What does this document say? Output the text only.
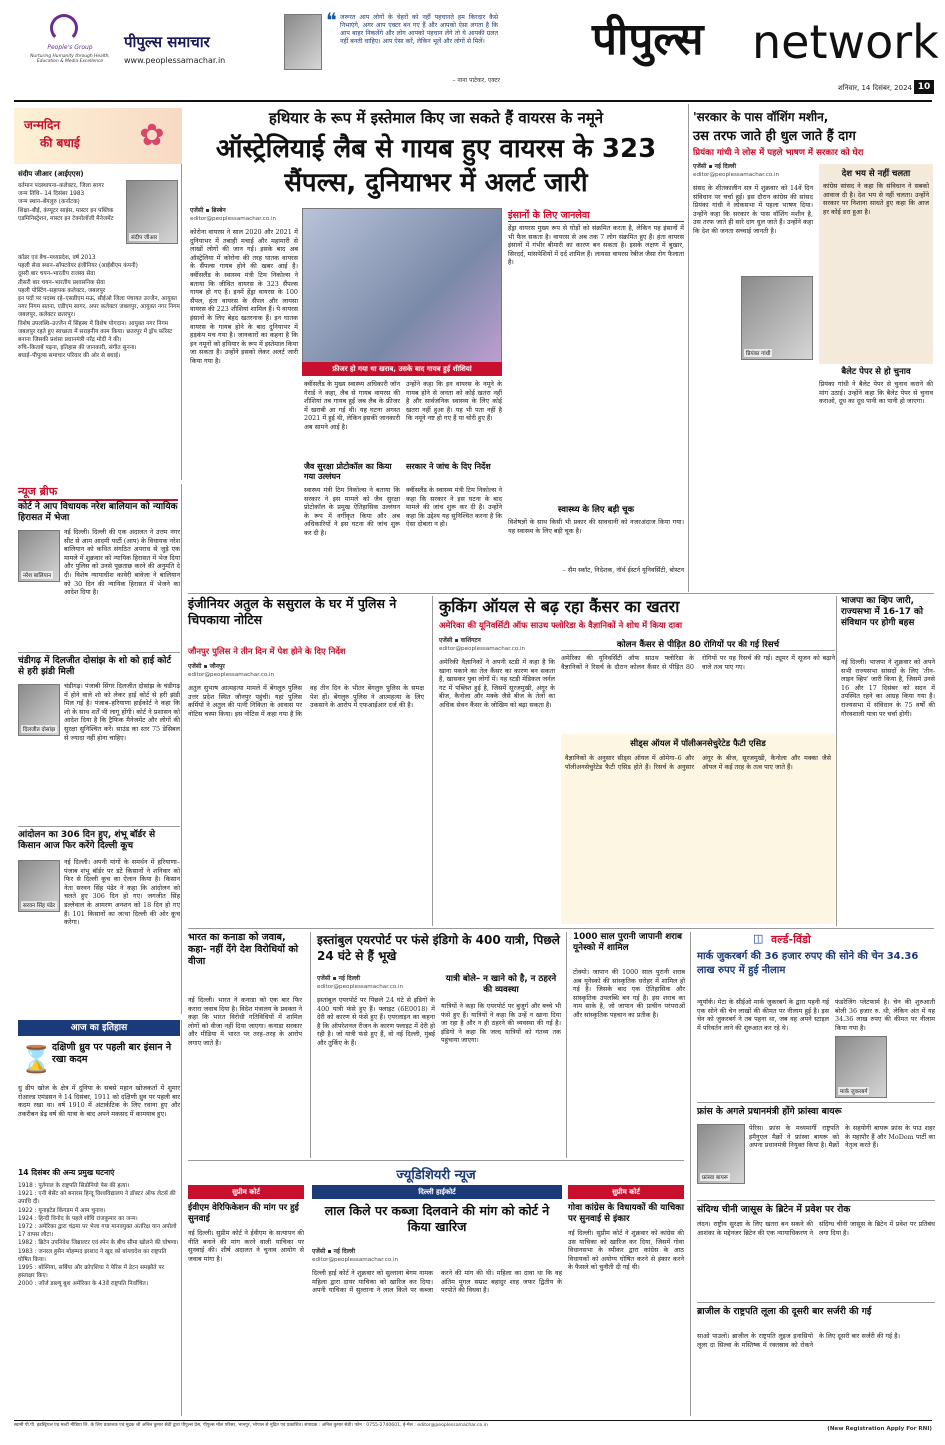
People's Group
Nurturing Humanity through Health, Education & Media Excellence
पीपुल्स समाचार
www.peoplessamachar.in
❝ जरूरत आप लोगों के चेहरों को नहीं पहचानते हम किरदार कैसे निभाएंगे, अगर आप एक्टर बन गए हैं और आपको ऐसा लगता है कि आप बाहर निकलेंगे और लोग आपको पहचान लेंगे तो ये आपकी ग्रलत नहीं बनती चाहिए। आप ऐसा करें, लेकिन भूलें और लोगों से मिलें।
– नाना पाटेकर, एक्टर
पीपुल्स	network
शनिवार, 14 दिसंबर, 2024 10
जन्मदिन
की बधाई	✿
संदीप जीआर (आईएएस)
संदीप जीआर
वर्तमान पदस्थापना–कलेक्टर, जिला सागर
जन्म तिथि– 14 दिसंबर 1983
जन्म स्थान–बेंगलुरु (कर्नाटक)
शिक्षा–बीई, कंप्यूटर साइंस, मास्टर इन पब्लिक एडमिनिस्ट्रेशन, मास्टर इन टेक्नोलॉजी मैनेजमेंट
कॉडर एवं बैच–मध्यप्रदेश, वर्ष 2013
पहली सेवा स्थान–सॉफ्टवेयर इंजीनियर (आईबीएम कंपनी)
दूसरी बार चयन–भारतीय राजस्व सेवा
तीसरी बार चयन–भारतीय प्रशासनिक सेवा
पहली पोस्टिंग–सहायक कलेक्टर, जबलपुर
इन पदों पर पदस्थ रहे–एसडीएम मऊ, सीईओ जिला पंचायत उज्जैन, आयुक्त नगर निगम सतना, एडीएम सागर, अपर कलेक्टर जबलपुर, आयुक्त नगर निगम जबलपुर, कलेक्टर छतरपुर।
विशेष उपलब्धि–उज्जैन में सिंहस्थ में विशेष योगदान। आयुक्त नगर निगम जबलपुर रहते हुए स्वच्छता में सराहनीय काम किया। छतरपुर में ड्रॉप फॉरेस्ट बनाना जिसकी प्रशंसा प्रधानमंत्री नरेंद्र मोदी ने की।
रुचि–किताबें पढ़ना, इतिहास की जानकारी, संगीत सुनना।
बधाई–पीपुल्स समाचार परिवार की ओर से बधाई।
न्यूज ब्रीफ
कोर्ट ने आप विधायक नरेश बालियान को न्यायिक हिरासत में भेजा
नरेश बालियान
नई दिल्ली। दिल्ली की एक अदालत ने उत्तम नगर सीट से आम आदमी पार्टी (आप) के विधायक नरेश बालियान को कथित संगठित अपराध से जुड़े एक मामले में शुक्रवार को न्यायिक हिरासत में भेज दिया और पुलिस को उनसे पूछताछ करने की अनुमति दे दी। विशेष न्यायाधीश कावेरी बावेजा ने बालियान को 30 दिन की न्यायिक हिरासत में भेजने का आदेश दिया है।
चंडीगढ़ में दिलजीत दोसांझ के शो को हाई कोर्ट से हरी झंडी मिली
दिलजीत दोसांझ
चंडीगढ़। पंजाबी सिंगर दिलजीत दोसांझ के चंडीगढ़ में होने वाले शो को लेकर हाई कोर्ट से हरी झंडी मिल गई है। पंजाब–हरियाणा हाईकोर्ट ने कहा कि शो के साथ शर्तें भी लागू होंगी। कोर्ट ने प्रशासन को आदेश दिया है कि ट्रैफिक मैनेजमेंट और लोगों की सुरक्षा सुनिश्चित करें। साउंड का स्तर 75 डेसिबल से ज्यादा नहीं होना चाहिए।
आंदोलन का 306 दिन हुए, शंभू बॉर्डर से किसान आज फिर करेंगे दिल्ली कूच
सरवन सिंह पंढेर
नई दिल्ली। अपनी मांगों के समर्थन में हरियाणा–पंजाब शंभू बॉर्डर पर डटे किसानों ने शनिवार को फिर से दिल्ली कूच का ऐलान किया है। किसान नेता सरवन सिंह पंढेर ने कहा कि आंदोलन को चलते हुए 306 दिन हो गए। जगजीत सिंह डल्लेवाल के आमरण अनशन को 18 दिन हो गए हैं। 101 किसानों का जत्था दिल्ली की ओर कूच करेगा।
आज का इतिहास
⌛ दक्षिणी ध्रुव पर पहली बार इंसान ने रखा कदम
धु व्रीय खोज के क्षेत्र में दुनिया के सबसे महान खोजकर्ता में शुमार रोआल्ड एमंडसन ने 14 दिसंबर, 1911 को दक्षिणी ध्रुव पर पहली बार कदम रखा था। वर्ष 1910 में अंटार्कटिक के लिए रवाना हुए और तकरीबन डेढ़ वर्ष की यात्रा के बाद अपने मकसद में कामयाब हुए।
14 दिसंबर की अन्य प्रमुख घटनाएं
1918 : पुर्तगाल के राष्ट्रपति सिडोनियो पेस की हत्या।
1921 : एनी बेसेंट को बनारस हिन्दू विश्वविद्यालय ने डॉक्टर ऑफ लेटर्स की उपाधि दी।
1922 : यूनाइटेड किंगडम में आम चुनाव।
1924 : हिन्दी विनोद के पहले शोधि राजकुमार का जन्म।
1972 : अमेरिका द्वारा चंद्रमा पर भेजा गया मानवयुक्त अंतरिक्ष यान अपोलो 17 वापस लौटा।
1982 : ब्रिटेन उपनिवेश जिब्राल्टर एवं स्पेन के बीच सीमा खोलने की घोषणा।
1983 : जनरल हुसैन मोहम्मद इरशाद ने खुद को बांग्लादेश का राष्ट्रपति घोषित किया।
1995 : बोस्निया, सर्बिया और क्रोएशिया ने पेरिस में डेटन समझौते पर हस्ताक्षर किए।
2000 : जॉर्ज डब्ल्यू बुश अमेरिका के 43वें राष्ट्रपति निर्वाचित।
हथियार के रूप में इस्तेमाल किए जा सकते हैं वायरस के नमूने
ऑस्ट्रेलियाई लैब से गायब हुए वायरस के 323 सैंपल्स, दुनियाभर में अलर्ट जारी
एजेंसी ▪ ब्रिस्बेन
editor@peoplessamachar.co.in
फ्रीजर हो गया था खराब, उसके बाद गायब हुई शीशियां
कोरोना वायरस ने साल 2020 और 2021 में दुनियाभर में तबाही मचाई और महामारी से लाखों लोगों की जान गई। इसके बाद अब ऑस्ट्रेलिया में कोरोना की तरह घातक वायरस के सैंपल्स गायब होने की खबर आई है। क्वींसलैंड के स्वास्थ्य मंत्री टिम निकोल्स ने बताया कि जीवित वायरस के 323 सैंपल्स गायब हो गए हैं। इनमें हेंड्रा वायरस के 100 सैंपल, हंता वायरस के सैंपल और लायसा वायरस की 223 शीशियां शामिल हैं। ये वायरस इंसानों के लिए बेहद खतरनाक हैं। इन घातक वायरस के गायब होने के बाद दुनियाभर में हड़कंप मच गया है। जानकारों का कहना है कि इन नमूनों को हथियार के रूप में इस्तेमाल किया जा सकता है। उन्होंने इसको लेकर अलर्ट जारी किया गया है।
क्वींसलैंड के मुख्य स्वास्थ्य अधिकारी जॉन गेरार्ड ने कहा, लैब से गायब वायरस की शीशियां तब गायब हुईं जब लैब के फ्रीजर में खराबी आ गई थी। यह घटना अगस्त 2021 में हुई थी, लेकिन इसकी जानकारी अब सामने आई है।
जैव सुरक्षा प्रोटोकॉल का किया गया उल्लंघन
स्वास्थ्य मंत्री टिम निकोल्स ने बताया कि सरकार ने इस मामले को जैव सुरक्षा प्रोटोकॉल के प्रमुख ऐतिहासिक उल्लंघन के रूप में वर्गीकृत किया और अब अधिकारियों ने इस घटना की जांच शुरू कर दी है।
उन्होंने कहा कि इन वायरस के नमूने के गायब होने से जनता को कोई खतरा नहीं है और सार्वजनिक स्वास्थ्य के लिए कोई खतरा नहीं हुआ है। यह भी पता नहीं है कि नमूने नष्ट हो गए हैं या चोरी हुए हैं।
सरकार ने जांच के दिए निर्देश
क्वींसलैंड के स्वास्थ्य मंत्री टिम निकोल्स ने कहा कि सरकार ने इस घटना के बाद मामले की जांच शुरू कर दी है। उन्होंने कहा कि उद्देश्य यह सुनिश्चित करना है कि ऐसा दोबारा न हो।
इंसानों के लिए जानलेवा
हेंड्रा वायरस मुख्य रूप से घोड़ों को संक्रमित करता है, लेकिन यह इंसानों में भी फैल सकता है। वायरस से अब तक 7 लोग संक्रमित हुए हैं। हंता वायरस इंसानों में गंभीर बीमारी का कारण बन सकता है। इसके लक्षण में बुखार, सिरदर्द, मांसपेशियों में दर्द शामिल हैं। लायसा वायरस रेबीज जैसा रोग फैलाता है।
स्वास्थ्य के लिए बड़ी चूक
विशेषज्ञों के साथ किसी भी प्रकार की सावधानी को नजरअंदाज किया गया। यह स्वास्थ्य के लिए बड़ी चूक है।
– सैम स्कॉट, निदेशक, नॉर्थ ईस्टर्न यूनिवर्सिटी, बोस्टन
'सरकार के पास वॉशिंग मशीन,
उस तरफ जाते ही धुल जाते हैं दाग
प्रियंका गांधी ने लोस में पहले भाषण में सरकार को घेरा
एजेंसी ▪ नई दिल्ली
editor@peoplessamachar.co.in
प्रियंका गांधी
संसद के शीतकालीन सत्र में शुक्रवार को 14वें दिन संविधान पर चर्चा हुई। इस दौरान कांग्रेस की सांसद प्रियंका गांधी ने लोकसभा में पहला भाषण दिया। उन्होंने कहा कि सरकार के पास वॉशिंग मशीन है, उस तरफ जाते ही सारे दाग धुल जाते हैं। उन्होंने कहा कि देश की जनता सच्चाई जानती है।
देश भय से नहीं चलता
कांग्रेस सांसद ने कहा कि संविधान ने सबको आवाज दी है। देश भय से नहीं चलता। उन्होंने सरकार पर निशाना साधते हुए कहा कि आज हर कोई डरा हुआ है।
बैलेट पेपर से हो चुनाव
प्रियंका गांधी ने बैलेट पेपर से चुनाव कराने की मांग उठाई। उन्होंने कहा कि बैलेट पेपर से चुनाव कराओ, दूध का दूध पानी का पानी हो जाएगा।
भाजपा का व्हिप जारी, राज्यसभा में 16-17 को संविधान पर होगी बहस
नई दिल्ली। भाजपा ने शुक्रवार को अपने सभी राज्यसभा सांसदों के लिए 'तीन-लाइन व्हिप' जारी किया है, जिसमें उनसे 16 और 17 दिसंबर को सदन में उपस्थित रहने का आग्रह किया गया है। राज्यसभा में संविधान के 75 वर्षों की गौरवशाली यात्रा पर चर्चा होगी।
इंजीनियर अतुल के ससुराल के घर में पुलिस ने चिपकाया नोटिस
जौनपुर पुलिस ने तीन दिन में पेश होने के दिए निर्देश
एजेंसी ▪ जौनपुर
editor@peoplessamachar.co.in
अतुल सुभाष आत्महत्या मामले में बेंगलुरु पुलिस उत्तर प्रदेश स्थित जौनपुर पहुंची। यहां पुलिस कर्मियों ने अतुल की पत्नी निकिता के आवास पर नोटिस चस्पा किया। इस नोटिस में कहा गया है कि वह तीन दिन के भीतर बेंगलुरु पुलिस के समक्ष पेश हों। बेंगलुरु पुलिस ने आत्महत्या के लिए उकसाने के आरोप में एफआईआर दर्ज की है।
कुकिंग ऑयल से बढ़ रहा कैंसर का खतरा
अमेरिका की यूनिवर्सिटी ऑफ साउथ फ्लोरिडा के वैज्ञानिकों ने शोध में किया दावा
एजेंसी ▪ वाशिंगटन
editor@peoplessamachar.co.in
अमेरिकी वैज्ञानिकों ने अपनी स्टडी में कहा है कि खाना पकाने का तेल कैंसर का कारण बन सकता है, खासकर युवा लोगों में। यह स्टडी मेडिकल जर्नल गट में पब्लिश हुई है, जिसमें सूरजमुखी, अंगूर के बीज, कैनोला और मक्के जैसे बीज के तेलों का अधिक सेवन कैंसर के जोखिम को बढ़ा सकता है।
कोलन कैंसर से पीड़ित 80 रोगियों पर की गई रिसर्च
अमेरिका की यूनिवर्सिटी ऑफ साउथ फ्लोरिडा के वैज्ञानिकों ने रिसर्च के दौरान कोलन कैंसर से पीड़ित 80 रोगियों पर यह रिसर्च की गई। ट्यूमर में सूजन को बढ़ाने वाले तत्व पाए गए।
सीड्स ऑयल में पॉलीअनसेचुरेटेड फैटी एसिड
वैज्ञानिकों के अनुसार सीड्स ऑयल में ओमेगा–6 और पॉलीअनसेचुरेटेड फैटी एसिड होते हैं। रिसर्च के अनुसार अंगूर के बीज, सूरजमुखी, कैनोला और मक्का जैसे ऑयल में कई तरह के तत्व पाए जाते हैं।
भारत का कनाडा को जवाब, कहा- नहीं देंगे देश विरोधियों को वीजा
नई दिल्ली। भारत ने कनाडा को एक बार फिर करारा जवाब दिया है। विदेश मंत्रालय के प्रवक्ता ने कहा कि भारत विरोधी गतिविधियों में शामिल लोगों को वीजा नहीं दिया जाएगा। कनाडा सरकार और मीडिया में भारत पर तरह–तरह के आरोप लगाए जाते हैं।
इस्तांबुल एयरपोर्ट पर फंसे इंडिगो के 400 यात्री, पिछले 24 घंटे से हैं भूखे
एजेंसी ▪ नई दिल्ली
editor@peoplessamachar.co.in
इस्तांबुल एयरपोर्ट पर पिछले 24 घंटे से इंडिगो के 400 यात्री फंसे हुए हैं। फ्लाइट (6E0018) में देरी को कारण से फंसे हुए हैं। एयरलाइन का कहना है कि ऑपरेशनल रीजन के कारण फ्लाइट में देरी हो रही है। जो यात्री फंसे हुए हैं, वो नई दिल्ली, मुंबई और तुर्किए के हैं।
यात्री बोले– न खाने को है, न ठहरने की व्यवस्था
यात्रियों ने कहा कि एयरपोर्ट पर बुजुर्ग और बच्चे भी फंसे हुए हैं। यात्रियों ने कहा कि उन्हें न खाना दिया जा रहा है और न ही ठहरने की व्यवस्था की गई है। इंडिगो ने कहा कि जल्द यात्रियों को गंतव्य तक पहुंचाया जाएगा।
1000 साल पुरानी जापानी शराब यूनेस्को में शामिल
टोक्यो। जापान की 1000 साल पुरानी शराब अब यूनेस्को की सांस्कृतिक धरोहर में शामिल हो गई है। जिसके बाद एक ऐतिहासिक और सांस्कृतिक उपलब्धि बन गई है। इस शराब का नाम साके है, जो जापान की प्राचीन परंपराओं और सांस्कृतिक पहचान का प्रतीक है।
वर्ल्ड-विंडो
◫
मार्क जुकरबर्ग की 36 हजार रुपए की सोने की चेन 34.36 लाख रुपए में हुई नीलाम
न्यूयॉर्क। मेटा के सीईओ मार्क जुकरबर्ग के द्वारा पहनी गई एक सोने की चेन लाखों की कीमत पर नीलाम हुई है। इस चेन को जुकरबर्ग ने तब पहना था, जब वह अपने स्टाइल में परिवर्तन लाने की शुरुआत कर रहे थे।
फंडरेजिंग प्लेटफार्म है। चेन की शुरुआती बोली 36 हजार रु. थी, लेकिन अंत में यह 34.36 लाख रुपए की कीमत पर नीलाम किया गया है।
मार्क जुकरबर्ग
फ्रांस के अगले प्रधानमंत्री होंगे फ्रांस्वा बायरू
फ्रांस्वा बायरू
पेरिस। फ्रांस के मध्यमार्गी राष्ट्रपति इमैनुएल मैक्रों ने फ्रांस्वा बायरू को अपना प्रधानमंत्री नियुक्त किया है। मैक्रों के सहयोगी बायरू फ्रांस के पाउ शहर के महापौर हैं और MoDem पार्टी का नेतृत्व करते हैं।
संदिग्ध चीनी जासूस के ब्रिटेन में प्रवेश पर रोक
लंदन। राष्ट्रीय सुरक्षा के लिए खतरा बन सकने की आशंका के मद्देनजर ब्रिटेन की एक न्यायाधिकरण ने संदिग्ध चीनी जासूस के ब्रिटेन में प्रवेश पर प्रतिबंध लगा दिया है।
ब्राजील के राष्ट्रपति लूला की दूसरी बार सर्जरी की गई
साओ पाउलो। ब्राजील के राष्ट्रपति लुइज इनासियो लूला दा सिल्वा के मस्तिष्क में रक्तस्राव को रोकने के लिए दूसरी बार सर्जरी की गई है।
ज्यूडिशियरी न्यूज
सुप्रीम कोर्ट
ईवीएम वेरिफिकेशन की मांग पर हुई सुनवाई
नई दिल्ली। सुप्रीम कोर्ट ने ईवीएम के सत्यापन की नीति बनाने की मांग करने वाली याचिका पर सुनवाई की। शीर्ष अदालत ने चुनाव आयोग से जवाब मांगा है।
दिल्ली हाईकोर्ट
लाल किले पर कब्जा दिलवाने की मांग को कोर्ट ने किया खारिज
एजेंसी ▪ नई दिल्ली
editor@peoplessamachar.co.in
दिल्ली हाई कोर्ट ने शुक्रवार को सुल्ताना बेगम नामक महिला द्वारा दायर याचिका को खारिज कर दिया। अपनी याचिका में सुल्ताना ने लाल किले पर कब्जा करने की मांग की थी। महिला का दावा था कि वह अंतिम मुगल सम्राट बहादुर शाह जफर द्वितीय के परपोते की विधवा है।
सुप्रीम कोर्ट
गोवा कांग्रेस के विधायकों की याचिका पर सुनवाई से इंकार
नई दिल्ली। सुप्रीम कोर्ट ने शुक्रवार को कांग्रेस की उस याचिका को खारिज कर दिया, जिसमें गोवा विधानसभा के स्पीकर द्वारा कांग्रेस के आठ विधायकों को अयोग्य घोषित करने से इंकार करने के फैसले को चुनौती दी गई थी।
स्वामी पी.पी. इंडस्ट्रियल एंड मल्टी मीडिया लि. के लिए प्रकाशक एवं मुद्रक श्री अनिल कुमार सेठी द्वारा पीपुल्स प्रेस, पीपुल्स मॉल परिसर, भानपुर, भोपाल से मुद्रित एवं प्रकाशित। संपादक : अनिल कुमार सेठी। फोन : 0755-2740601, ई-मेल : editor@peoplessamachar.co.in
(New Registration Apply For RNI)
